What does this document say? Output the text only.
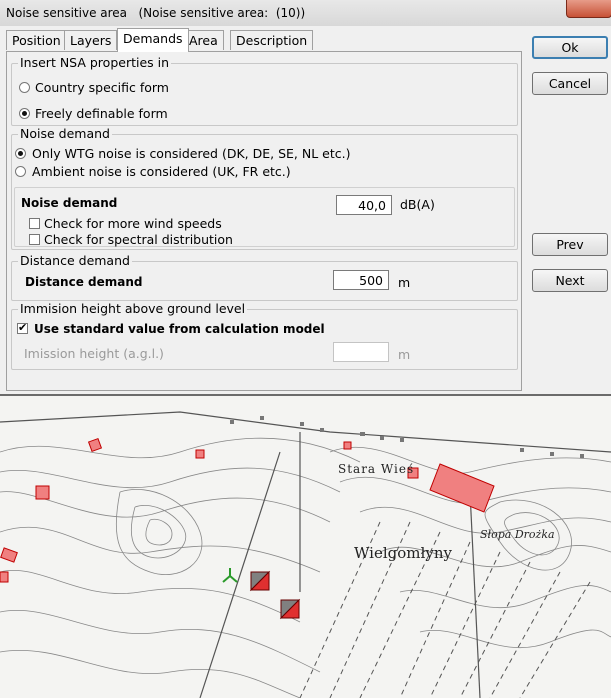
Stara Wieś
Wielgomłyny
Słopa Drożka
Noise sensitive area   (Noise sensitive area:  (10))
Position Layers Demands Area	Description
Insert NSA properties in
Country specific form
Freely definable form
Noise demand
Only WTG noise is considered (DK, DE, SE, NL etc.)
Ambient noise is considered (UK, FR etc.)
Noise demand	40,0	dB(A)
Check for more wind speeds
Check for spectral distribution
Distance demand
Distance demand	500	m
Immision height above ground level
✔
Use standard value from calculation model
Imission height (a.g.l.)	m
Ok
Cancel
Prev
Next
